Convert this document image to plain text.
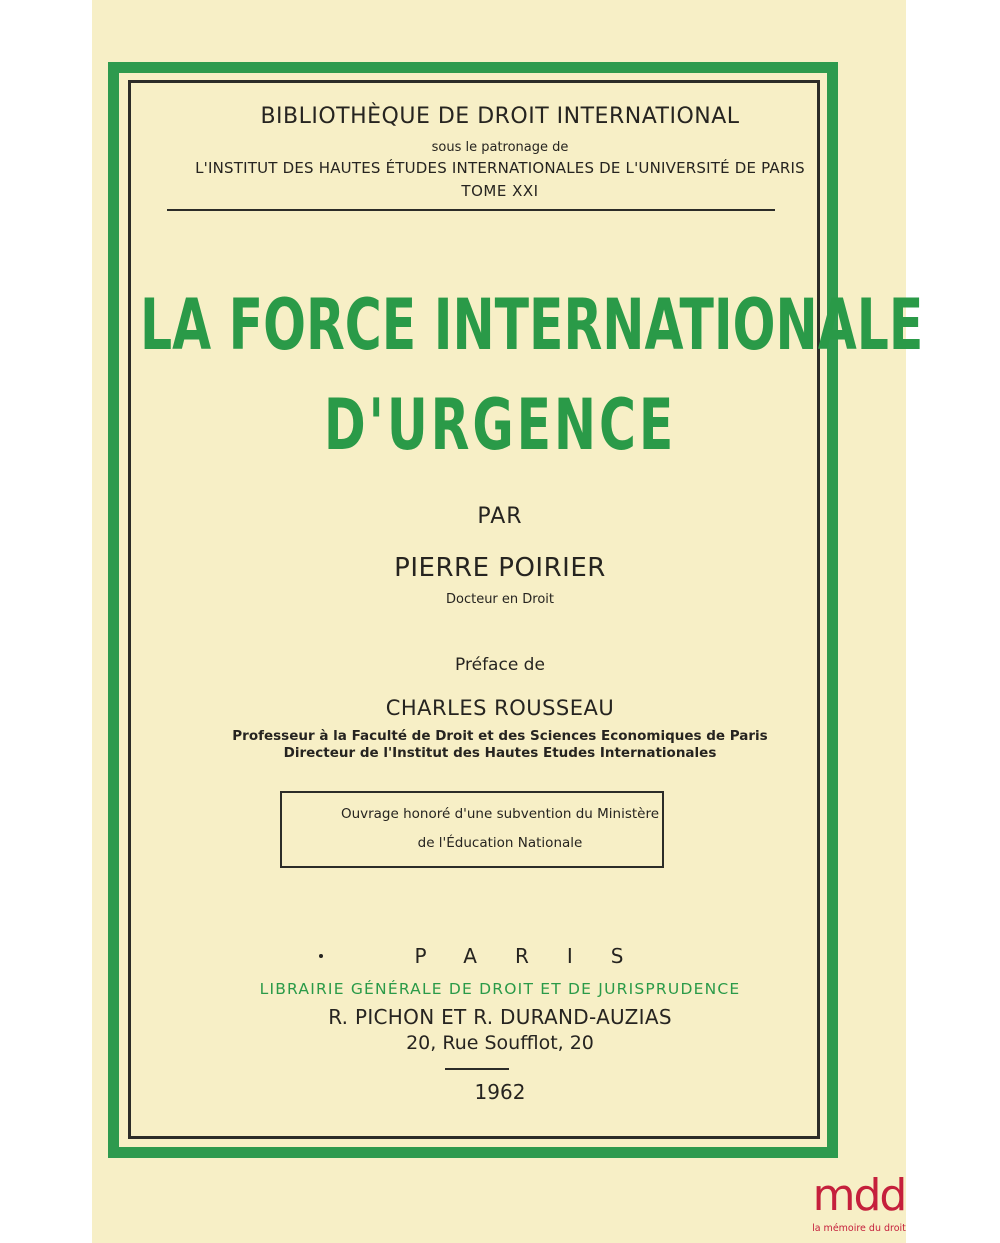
BIBLIOTHÈQUE DE DROIT INTERNATIONAL

sous le patronage de

L'INSTITUT DES HAUTES ÉTUDES INTERNATIONALES DE L'UNIVERSITÉ DE PARIS

TOME XXI

LA FORCE INTERNATIONALE

D'URGENCE

PAR

PIERRE POIRIER

Docteur en Droit

Préface de

CHARLES ROUSSEAU

Professeur à la Faculté de Droit et des Sciences Economiques de Paris

Directeur de l'Institut des Hautes Etudes Internationales

Ouvrage honoré d'une subvention du Ministère

de l'Éducation Nationale

PARIS

LIBRAIRIE GÉNÉRALE DE DROIT ET DE JURISPRUDENCE

R. PICHON ET R. DURAND-AUZIAS

20, Rue Soufflot, 20

1962

mdd
la mémoire du droit
